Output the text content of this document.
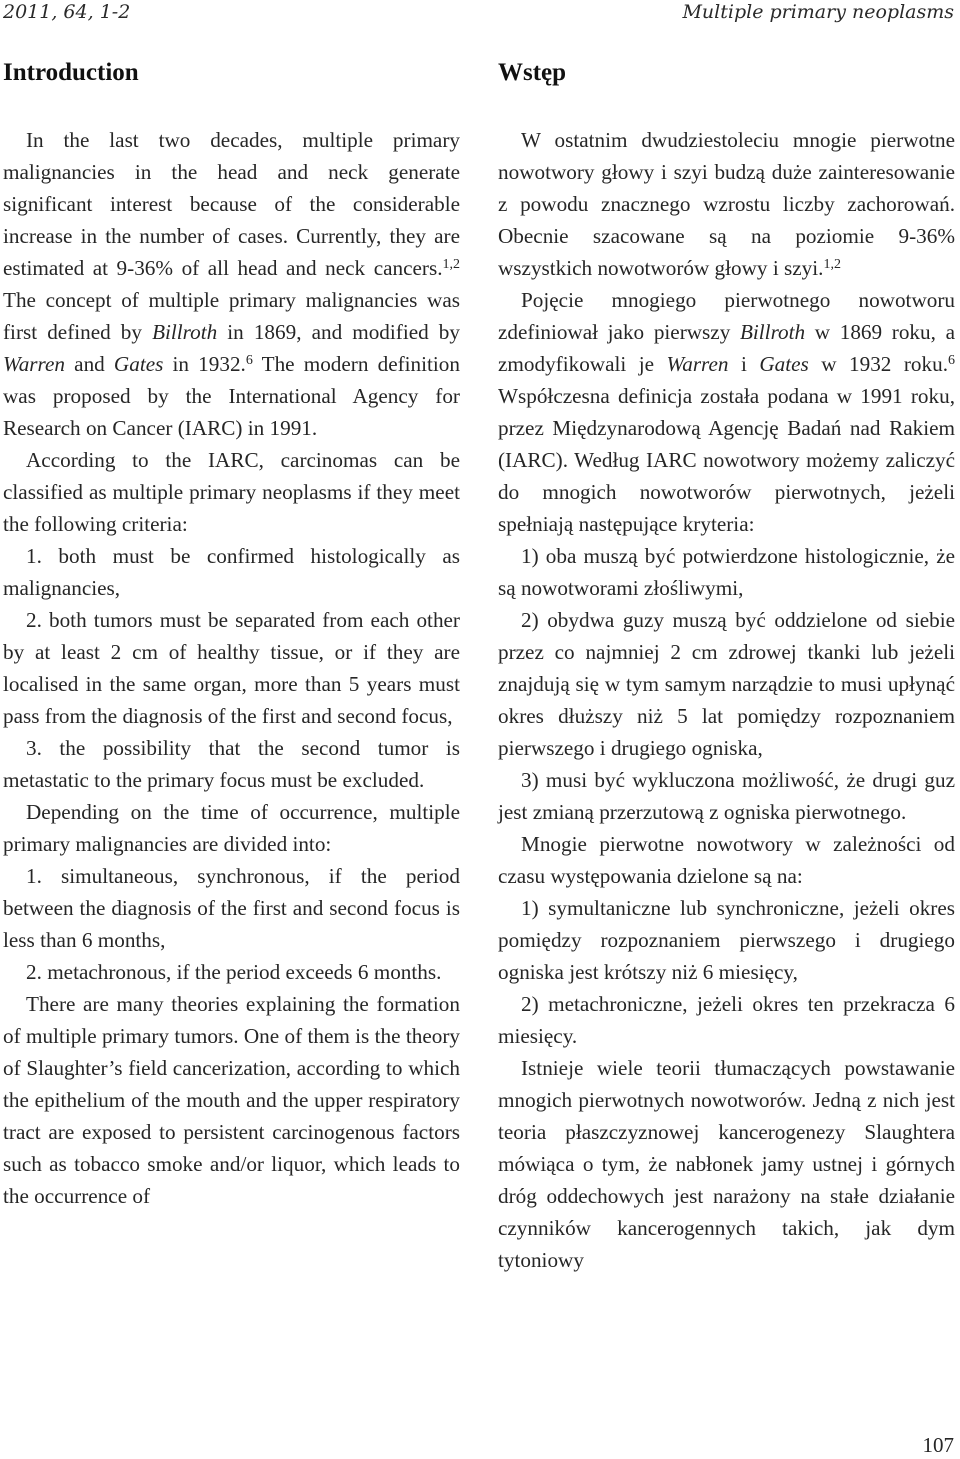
2011, 64, 1-2	Multiple primary neoplasms
Introduction

In the last two decades, multiple primary malignancies in the head and neck generate significant interest because of the considerable increase in the number of cases. Currently, they are estimated at 9-36% of all head and neck cancers.$^{1,2}$ The concept of multiple primary malignancies was first defined by Billroth in 1869, and modified by Warren and Gates in 1932.$^6$ The modern definition was proposed by the International Agency for Research on Cancer (IARC) in 1991.

According to the IARC, carcinomas can be classified as multiple primary neoplasms if they meet the following criteria:

1. both must be confirmed histologically as malignancies,

2. both tumors must be separated from each other by at least 2 cm of healthy tissue, or if they are localised in the same organ, more than 5 years must pass from the diagnosis of the first and second focus,

3. the possibility that the second tumor is metastatic to the primary focus must be excluded.

Depending on the time of occurrence, multiple primary malignancies are divided into:

1. simultaneous, synchronous, if the period between the diagnosis of the first and second focus is less than 6 months,

2. metachronous, if the period exceeds 6 months.

There are many theories explaining the formation of multiple primary tumors. One of them is the theory of Slaughter’s field cancerization, according to which the epithelium of the mouth and the upper respiratory tract are exposed to persistent carcinogenous factors such as tobacco smoke and/or liquor, which leads to the occurrence of

Wstęp

W ostatnim dwudziestoleciu mnogie pierwotne nowotwory głowy i szyi budzą duże zainteresowanie z powodu znacznego wzrostu liczby zachorowań. Obecnie szacowane są na poziomie 9-36% wszystkich nowotworów głowy i szyi.$^{1,2}$

Pojęcie mnogiego pierwotnego nowotworu zdefiniował jako pierwszy Billroth w 1869 roku, a zmodyfikowali je Warren i Gates w 1932 roku.$^6$ Współczesna definicja została podana w 1991 roku, przez Międzynarodową Agencję Badań nad Rakiem (IARC). Według IARC nowotwory możemy zaliczyć do mnogich nowotworów pierwotnych, jeżeli spełniają następujące kryteria:

1) oba muszą być potwierdzone histologicznie, że są nowotworami złośliwymi,

2) obydwa guzy muszą być oddzielone od siebie przez co najmniej 2 cm zdrowej tkanki lub jeżeli znajdują się w tym samym narządzie to musi upłynąć okres dłuższy niż 5 lat pomiędzy rozpoznaniem pierwszego i drugiego ogniska,

3) musi być wykluczona możliwość, że drugi guz jest zmianą przerzutową z ogniska pierwotnego.

Mnogie pierwotne nowotwory w zależności od czasu występowania dzielone są na:

1) symultaniczne lub synchroniczne, jeżeli okres pomiędzy rozpoznaniem pierwszego i drugiego ogniska jest krótszy niż 6 miesięcy,

2) metachroniczne, jeżeli okres ten przekracza 6 miesięcy.

Istnieje wiele teorii tłumaczących powstawanie mnogich pierwotnych nowotworów. Jedną z nich jest teoria płaszczyznowej kancerogenezy Slaughtera mówiąca o tym, że nabłonek jamy ustnej i górnych dróg oddechowych jest narażony na stałe działanie czynników kancerogennych takich, jak dym tytoniowy

107
